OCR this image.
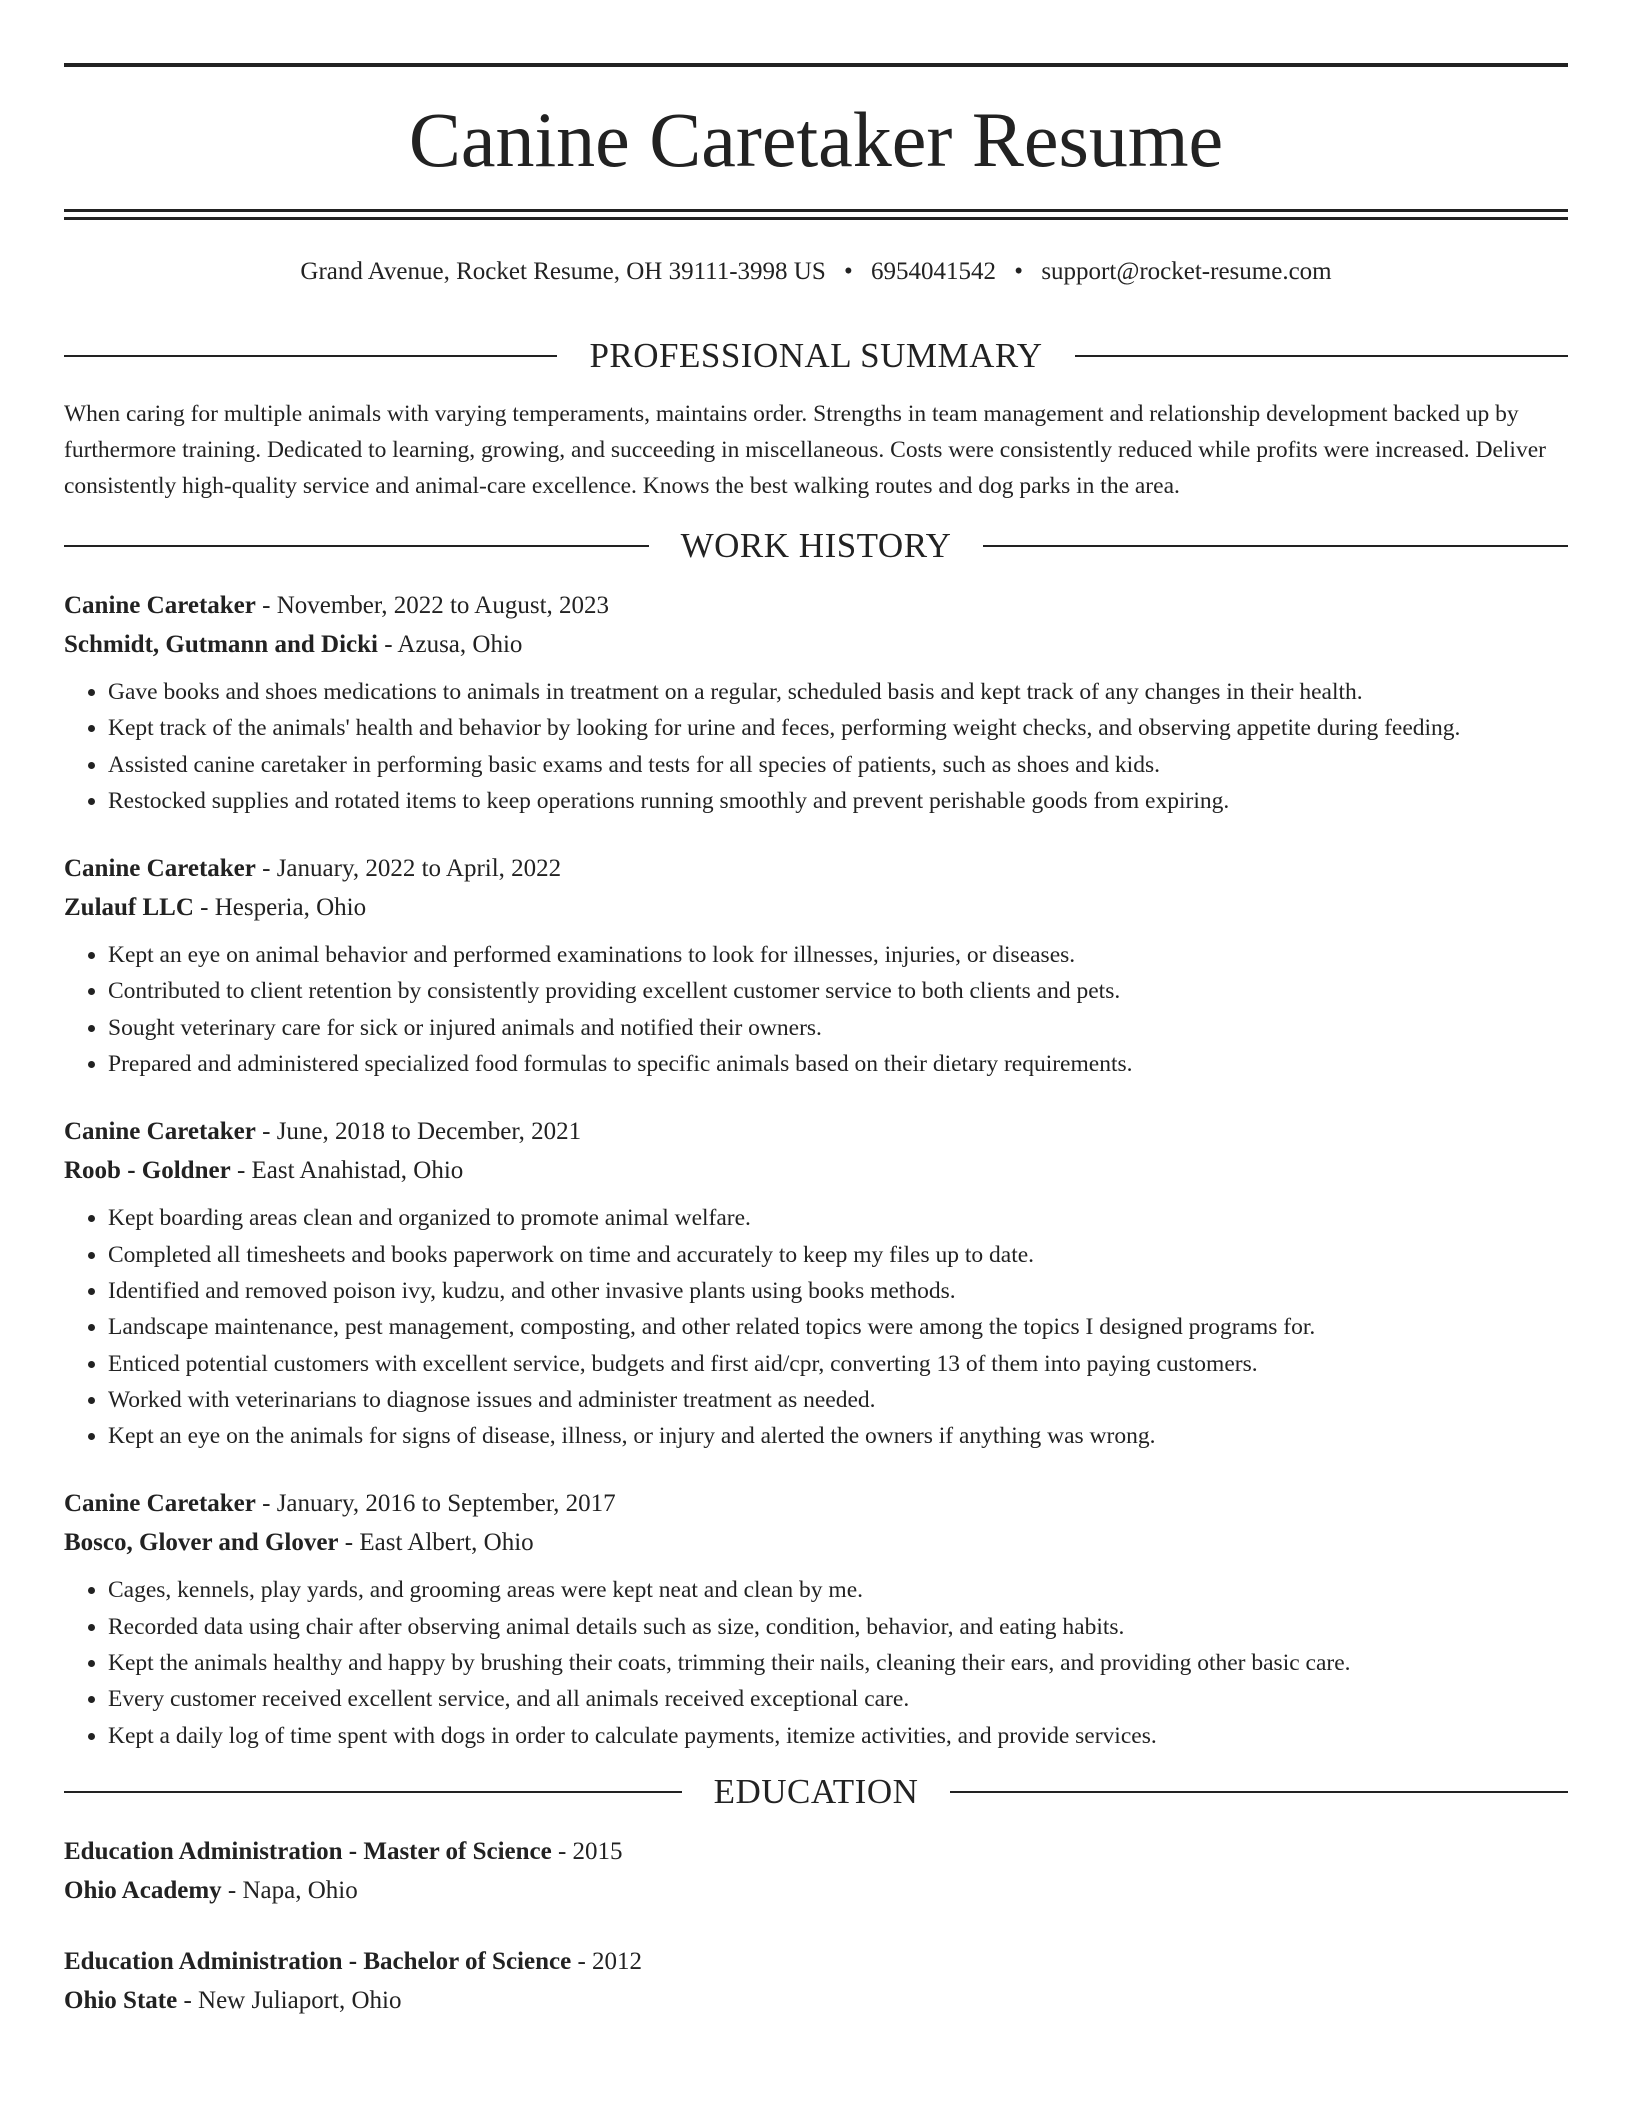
Canine Caretaker Resume
Grand Avenue, Rocket Resume, OH 39111-3998 US • 6954041542 • support@rocket-resume.com
PROFESSIONAL SUMMARY

When caring for multiple animals with varying temperaments, maintains order. Strengths in team management and relationship development backed up by furthermore training. Dedicated to learning, growing, and succeeding in miscellaneous. Costs were consistently reduced while profits were increased. Deliver consistently high-quality service and animal-care excellence. Knows the best walking routes and dog parks in the area.

WORK HISTORY
Canine Caretaker - November, 2022 to August, 2023
Schmidt, Gutmann and Dicki - Azusa, Ohio
• Gave books and shoes medications to animals in treatment on a regular, scheduled basis and kept track of any changes in their health.
• Kept track of the animals' health and behavior by looking for urine and feces, performing weight checks, and observing appetite during feeding.
• Assisted canine caretaker in performing basic exams and tests for all species of patients, such as shoes and kids.
• Restocked supplies and rotated items to keep operations running smoothly and prevent perishable goods from expiring.
Canine Caretaker - January, 2022 to April, 2022
Zulauf LLC - Hesperia, Ohio
• Kept an eye on animal behavior and performed examinations to look for illnesses, injuries, or diseases.
• Contributed to client retention by consistently providing excellent customer service to both clients and pets.
• Sought veterinary care for sick or injured animals and notified their owners.
• Prepared and administered specialized food formulas to specific animals based on their dietary requirements.
Canine Caretaker - June, 2018 to December, 2021
Roob - Goldner - East Anahistad, Ohio
• Kept boarding areas clean and organized to promote animal welfare.
• Completed all timesheets and books paperwork on time and accurately to keep my files up to date.
• Identified and removed poison ivy, kudzu, and other invasive plants using books methods.
• Landscape maintenance, pest management, composting, and other related topics were among the topics I designed programs for.
• Enticed potential customers with excellent service, budgets and first aid/cpr, converting 13 of them into paying customers.
• Worked with veterinarians to diagnose issues and administer treatment as needed.
• Kept an eye on the animals for signs of disease, illness, or injury and alerted the owners if anything was wrong.
Canine Caretaker - January, 2016 to September, 2017
Bosco, Glover and Glover - East Albert, Ohio
• Cages, kennels, play yards, and grooming areas were kept neat and clean by me.
• Recorded data using chair after observing animal details such as size, condition, behavior, and eating habits.
• Kept the animals healthy and happy by brushing their coats, trimming their nails, cleaning their ears, and providing other basic care.
• Every customer received excellent service, and all animals received exceptional care.
• Kept a daily log of time spent with dogs in order to calculate payments, itemize activities, and provide services.
EDUCATION
Education Administration - Master of Science - 2015
Ohio Academy - Napa, Ohio
Education Administration - Bachelor of Science - 2012
Ohio State - New Juliaport, Ohio
